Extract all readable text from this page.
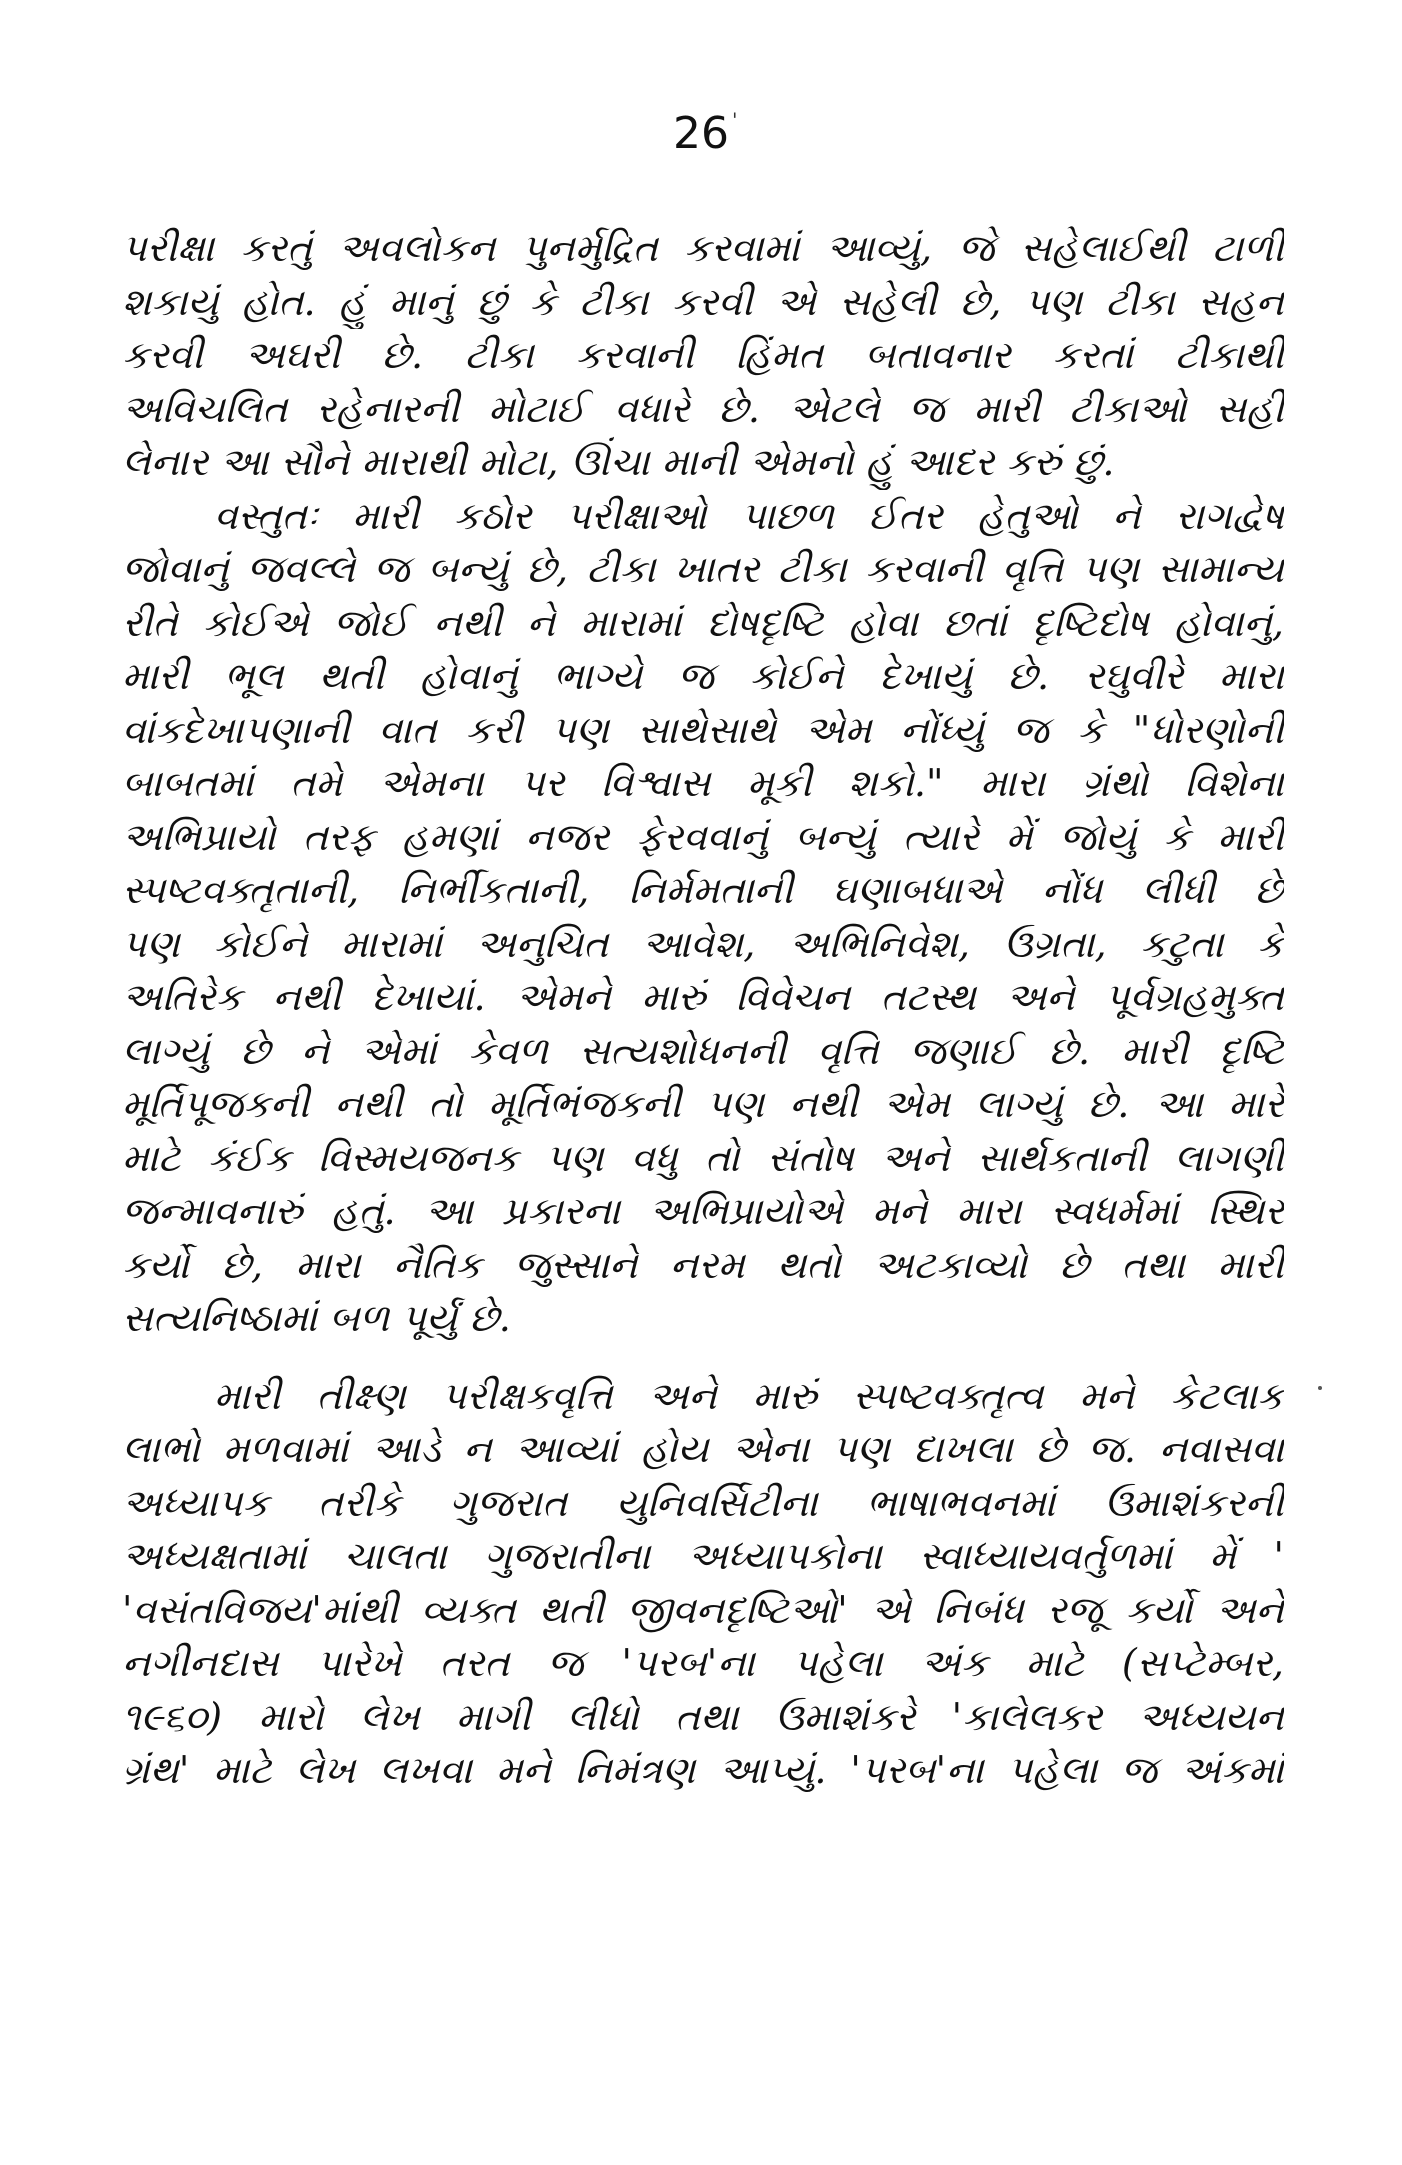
26 '
પરીક્ષા કરતું અવલોકન પુનર્મુદ્રિત કરવામાં આવ્યું, જે સહેલાઈથી ટાળી
શકાયું હોત. હું માનું છું કે ટીકા કરવી એ સહેલી છે, પણ ટીકા સહન
કરવી અઘરી છે. ટીકા કરવાની હિંમત બતાવનાર કરતાં ટીકાથી
અવિચલિત રહેનારની મોટાઈ વધારે છે. એટલે જ મારી ટીકાઓ સહી
લેનાર આ સૌને મારાથી મોટા, ઊંચા માની એમનો હું આદર કરું છું.
વસ્તુતઃ મારી કઠોર પરીક્ષાઓ પાછળ ઈતર હેતુઓ ને રાગદ્વેષ
જોવાનું જવલ્લે જ બન્યું છે, ટીકા ખાતર ટીકા કરવાની વૃત્તિ પણ સામાન્ય
રીતે કોઈએ જોઈ નથી ને મારામાં દોષદૃષ્ટિ હોવા છતાં દૃષ્ટિદોષ હોવાનું,
મારી ભૂલ થતી હોવાનું ભાગ્યે જ કોઈને દેખાયું છે. રઘુવીરે મારા
વાંકદેખાપણાની વાત કરી પણ સાથેસાથે એમ નોંધ્યું જ કે "ધોરણોની
બાબતમાં તમે એમના પર વિશ્વાસ મૂકી શકો." મારા ગ્રંથો વિશેના
અભિપ્રાયો તરફ હમણાં નજર ફેરવવાનું બન્યું ત્યારે મેં જોયું કે મારી
સ્પષ્ટવક્તૃતાની, નિર્ભીકતાની, નિર્મમતાની ઘણાબધાએ નોંધ લીધી છે
પણ કોઈને મારામાં અનુચિત આવેશ, અભિનિવેશ, ઉગ્રતા, કટુતા કે
અતિરેક નથી દેખાયાં. એમને મારું વિવેચન તટસ્થ અને પૂર્વગ્રહમુક્ત
લાગ્યું છે ને એમાં કેવળ સત્યશોધનની વૃત્તિ જણાઈ છે. મારી દૃષ્ટિ
મૂર્તિપૂજકની નથી તો મૂર્તિભંજકની પણ નથી એમ લાગ્યું છે. આ મારે
માટે કંઈક વિસ્મયજનક પણ વધુ તો સંતોષ અને સાર્થકતાની લાગણી
જન્માવનારું હતું. આ પ્રકારના અભિપ્રાયોએ મને મારા સ્વધર્મમાં સ્થિર
કર્યો છે, મારા નૈતિક જુસ્સાને નરમ થતો અટકાવ્યો છે તથા મારી
સત્યનિષ્ઠામાં બળ પૂર્યું છે.
મારી તીક્ષ્ણ પરીક્ષકવૃત્તિ અને મારું સ્પષ્ટવક્તૃત્વ મને કેટલાક
લાભો મળવામાં આડે ન આવ્યાં હોય એના પણ દાખલા છે જ. નવાસવા
અધ્યાપક તરીકે ગુજરાત યુનિવર્સિટીના ભાષાભવનમાં ઉમાશંકરની
અધ્યક્ષતામાં ચાલતા ગુજરાતીના અધ્યાપકોના સ્વાધ્યાયવર્તુળમાં મેં '
'વસંતવિજય'માંથી વ્યક્ત થતી જીવનદૃષ્ટિઓ' એ નિબંધ રજૂ કર્યો અને
નગીનદાસ પારેખે તરત જ 'પરબ'ના પહેલા અંક માટે (સપ્ટેમ્બર,
૧૯૬૦) મારો લેખ માગી લીધો તથા ઉમાશંકરે 'કાલેલકર અધ્યયન
ગ્રંથ' માટે લેખ લખવા મને નિમંત્રણ આપ્યું. 'પરબ'ના પહેલા જ અંકમાં
